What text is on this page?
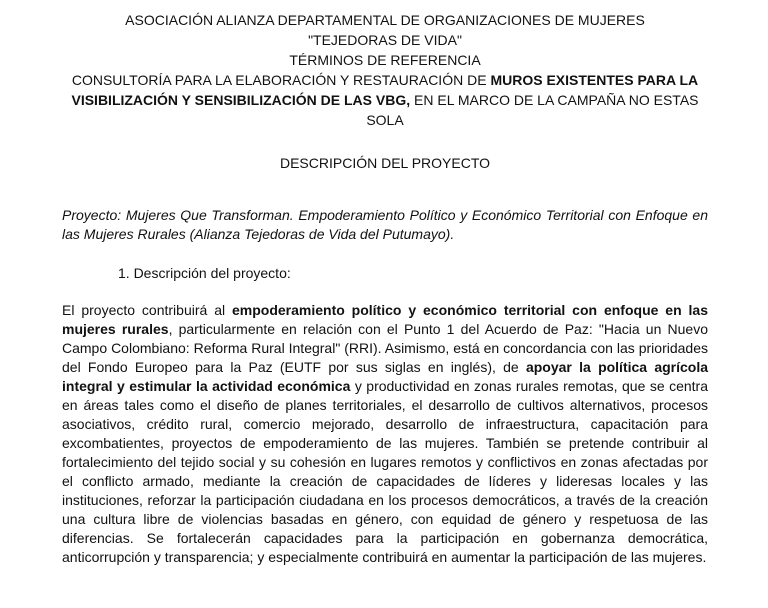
ASOCIACIÓN ALIANZA DEPARTAMENTAL DE ORGANIZACIONES DE MUJERES
"TEJEDORAS DE VIDA"
TÉRMINOS DE REFERENCIA
CONSULTORÍA PARA LA ELABORACIÓN Y RESTAURACIÓN DE MUROS EXISTENTES PARA LA
VISIBILIZACIÓN Y SENSIBILIZACIÓN DE LAS VBG, EN EL MARCO DE LA CAMPAÑA NO ESTAS SOLA
DESCRIPCIÓN DEL PROYECTO
Proyecto: Mujeres Que Transforman. Empoderamiento Político y Económico Territorial con Enfoque en las Mujeres Rurales (Alianza Tejedoras de Vida del Putumayo).
1. Descripción del proyecto:
El proyecto contribuirá al empoderamiento político y económico territorial con enfoque en las mujeres rurales, particularmente en relación con el Punto 1 del Acuerdo de Paz: "Hacia un Nuevo Campo Colombiano: Reforma Rural Integral" (RRI). Asimismo, está en concordancia con las prioridades del Fondo Europeo para la Paz (EUTF por sus siglas en inglés), de apoyar la política agrícola integral y estimular la actividad económica y productividad en zonas rurales remotas, que se centra en áreas tales como el diseño de planes territoriales, el desarrollo de cultivos alternativos, procesos asociativos, crédito rural, comercio mejorado, desarrollo de infraestructura, capacitación para excombatientes, proyectos de empoderamiento de las mujeres. También se pretende contribuir al fortalecimiento del tejido social y su cohesión en lugares remotos y conflictivos en zonas afectadas por el conflicto armado, mediante la creación de capacidades de líderes y lideresas locales y las instituciones, reforzar la participación ciudadana en los procesos democráticos, a través de la creación una cultura libre de violencias basadas en género, con equidad de género y respetuosa de las diferencias. Se fortalecerán capacidades para la participación en gobernanza democrática, anticorrupción y transparencia; y especialmente contribuirá en aumentar la participación de las mujeres.
